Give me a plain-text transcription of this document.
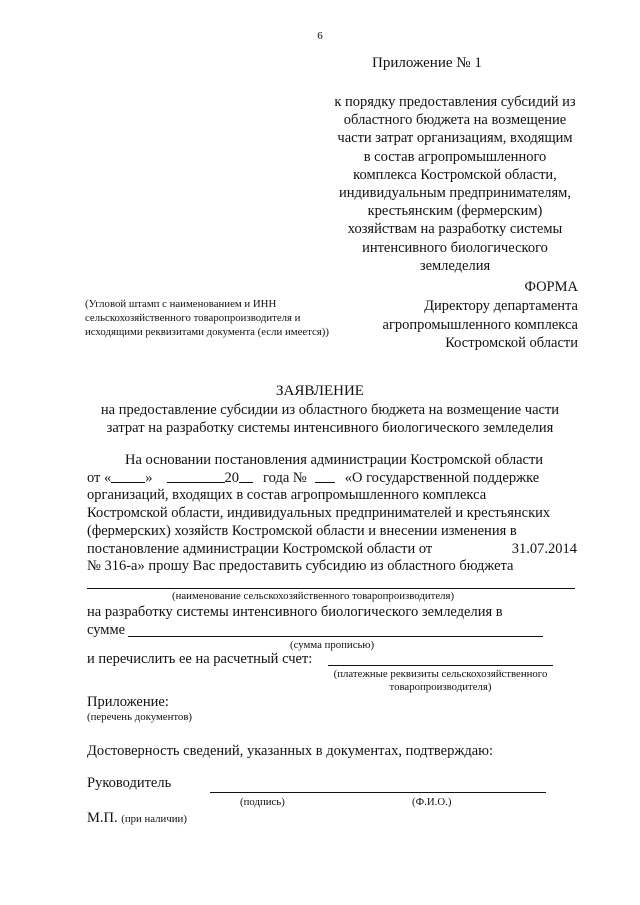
6
Приложение № 1
к порядку предоставления субсидий из
областного бюджета на возмещение
части затрат организациям, входящим
в состав агропромышленного
комплекса Костромской области,
индивидуальным предпринимателям,
крестьянским (фермерским)
хозяйствам на разработку системы
интенсивного биологического
земледелия
ФОРМА
(Угловой штамп с наименованием и ИНН сельскохозяйственного товаропроизводителя и исходящими реквизитами документа (если имеется))
Директору департамента
агропромышленного комплекса
Костромской области
ЗАЯВЛЕНИЕ
на предоставление субсидии из областного бюджета на возмещение части
затрат на разработку системы интенсивного биологического земледелия
На основании постановления администрации Костромской области
от « »	20 года №	«О государственной поддержке
организаций, входящих в состав агропромышленного комплекса
Костромской области, индивидуальных предпринимателей и крестьянских
(фермерских) хозяйств Костромской области и внесении изменения в
постановление администрации Костромской области от	31.07.2014
№ 316-а» прошу Вас предоставить субсидию из областного бюджета
(наименование сельскохозяйственного товаропроизводителя)
на разработку системы интенсивного биологического земледелия в
сумме
(сумма прописью)
и перечислить ее на расчетный счет:
(платежные реквизиты сельскохозяйственного товаропроизводителя)
Приложение:
(перечень документов)
Достоверность сведений, указанных в документах, подтверждаю:
Руководитель
(подпись)	(Ф.И.О.)
М.П. (при наличии)
